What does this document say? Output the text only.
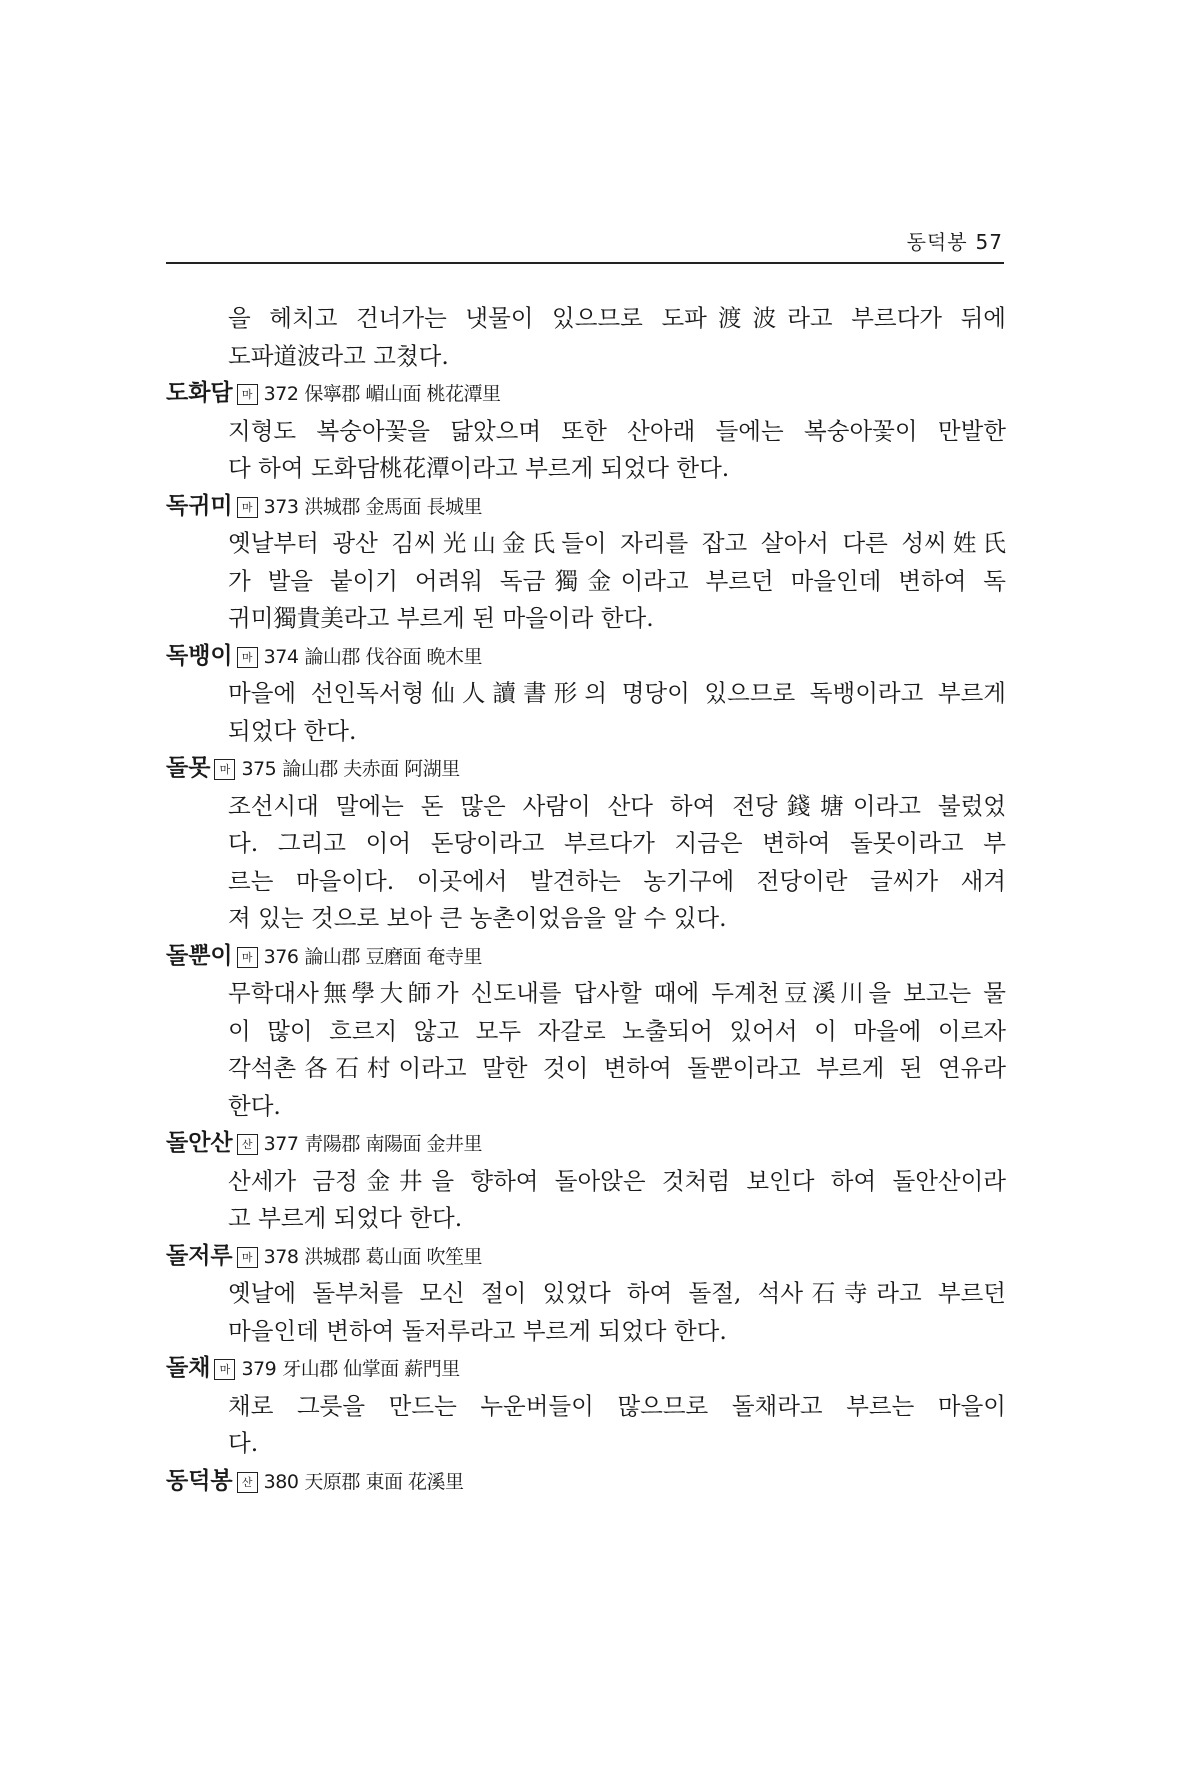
동덕봉 57
을 헤치고 건너가는 냇물이 있으므로 도파渡波라고 부르다가 뒤에
도파道波라고 고쳤다.
도화담 마 372 保寧郡 嵋山面 桃花潭里
지형도 복숭아꽃을 닮았으며 또한 산아래 들에는 복숭아꽃이 만발한
다 하여 도화담桃花潭이라고 부르게 되었다 한다.
독귀미 마 373 洪城郡 金馬面 長城里
옛날부터 광산 김씨光山金氏들이 자리를 잡고 살아서 다른 성씨姓氏
가 발을 붙이기 어려워 독금獨金이라고 부르던 마을인데 변하여 독
귀미獨貴美라고 부르게 된 마을이라 한다.
독뱅이 마 374 論山郡 伐谷面 晩木里
마을에 선인독서형仙人讀書形의 명당이 있으므로 독뱅이라고 부르게
되었다 한다.
돌못 마 375 論山郡 夫赤面 阿湖里
조선시대 말에는 돈 많은 사람이 산다 하여 전당錢塘이라고 불렀었
다. 그리고 이어 돈당이라고 부르다가 지금은 변하여 돌못이라고 부
르는 마을이다. 이곳에서 발견하는 농기구에 전당이란 글씨가 새겨
져 있는 것으로 보아 큰 농촌이었음을 알 수 있다.
돌뿐이 마 376 論山郡 豆磨面 奄寺里
무학대사無學大師가 신도내를 답사할 때에 두계천豆溪川을 보고는 물
이 많이 흐르지 않고 모두 자갈로 노출되어 있어서 이 마을에 이르자
각석촌各石村이라고 말한 것이 변하여 돌뿐이라고 부르게 된 연유라
한다.
돌안산 산 377 靑陽郡 南陽面 金井里
산세가 금정金井을 향하여 돌아앉은 것처럼 보인다 하여 돌안산이라
고 부르게 되었다 한다.
돌저루 마 378 洪城郡 葛山面 吹笙里
옛날에 돌부처를 모신 절이 있었다 하여 돌절, 석사石寺라고 부르던
마을인데 변하여 돌저루라고 부르게 되었다 한다.
돌채 마 379 牙山郡 仙掌面 薪門里
채로 그릇을 만드는 누운버들이 많으므로 돌채라고 부르는 마을이
다.
동덕봉 산 380 天原郡 東面 花溪里
